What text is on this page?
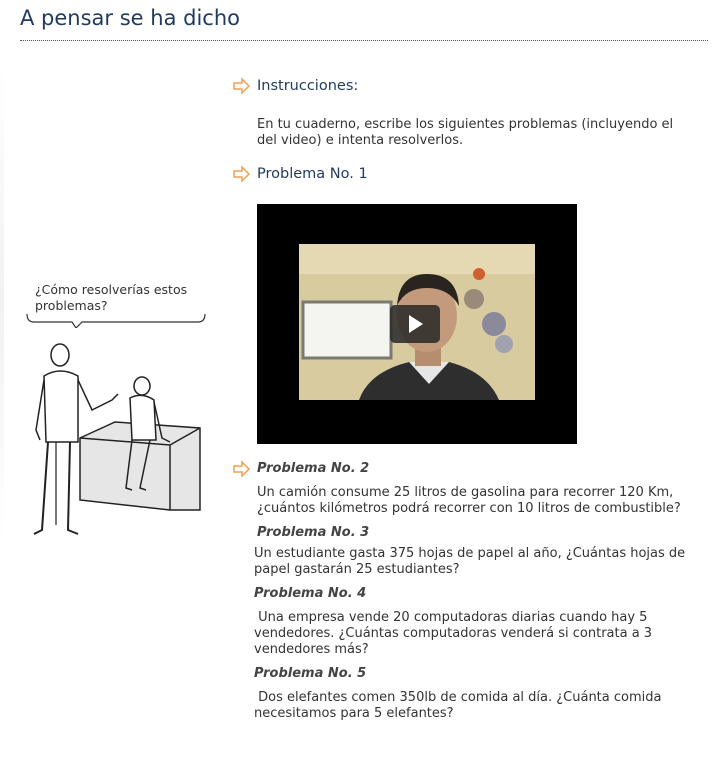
A pensar se ha dicho
¿Cómo resolverías estos problemas?
Instrucciones:
En tu cuaderno, escribe los siguientes problemas (incluyendo el del video) e intenta resolverlos.
Problema No. 1
Problema No. 2
Un camión consume 25 litros de gasolina para recorrer 120 Km, ¿cuántos kilómetros podrá recorrer con 10 litros de combustible?
Problema No. 3
Un estudiante gasta 375 hojas de papel al año, ¿Cuántas hojas de papel gastarán 25 estudiantes?
Problema No. 4
Una empresa vende 20 computadoras diarias cuando hay 5 vendedores. ¿Cuántas computadoras venderá si contrata a 3 vendedores más?
Problema No. 5
Dos elefantes comen 350lb de comida al día. ¿Cuánta comida necesitamos para 5 elefantes?
